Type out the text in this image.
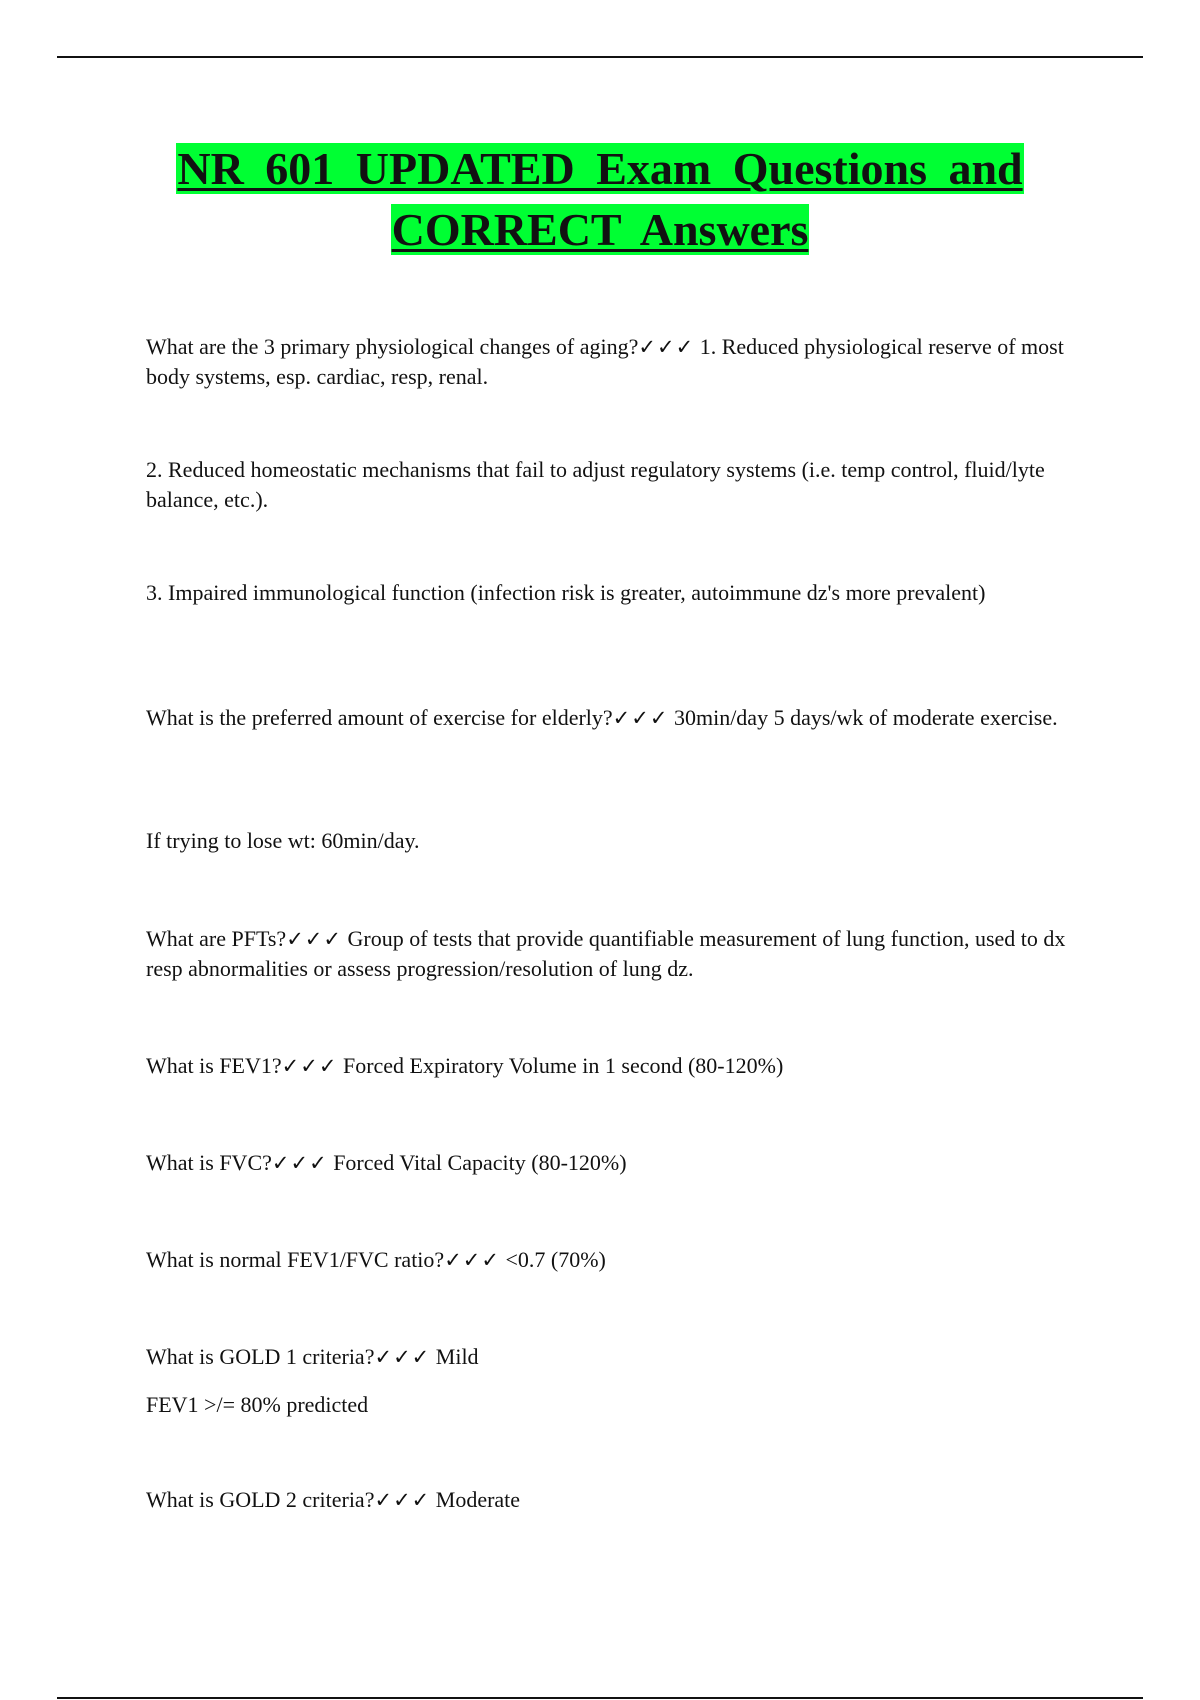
NR 601 UPDATED Exam Questions and
CORRECT Answers

What are the 3 primary physiological changes of aging?✓✓✓ 1. Reduced physiological reserve of most body systems, esp. cardiac, resp, renal.

2. Reduced homeostatic mechanisms that fail to adjust regulatory systems (i.e. temp control, fluid/lyte balance, etc.).

3. Impaired immunological function (infection risk is greater, autoimmune dz's more prevalent)

What is the preferred amount of exercise for elderly?✓✓✓ 30min/day 5 days/wk of moderate exercise.

If trying to lose wt: 60min/day.

What are PFTs?✓✓✓ Group of tests that provide quantifiable measurement of lung function, used to dx resp abnormalities or assess progression/resolution of lung dz.

What is FEV1?✓✓✓ Forced Expiratory Volume in 1 second (80-120%)

What is FVC?✓✓✓ Forced Vital Capacity (80-120%)

What is normal FEV1/FVC ratio?✓✓✓ <0.7 (70%)

What is GOLD 1 criteria?✓✓✓ Mild

FEV1 >/= 80% predicted

What is GOLD 2 criteria?✓✓✓ Moderate
